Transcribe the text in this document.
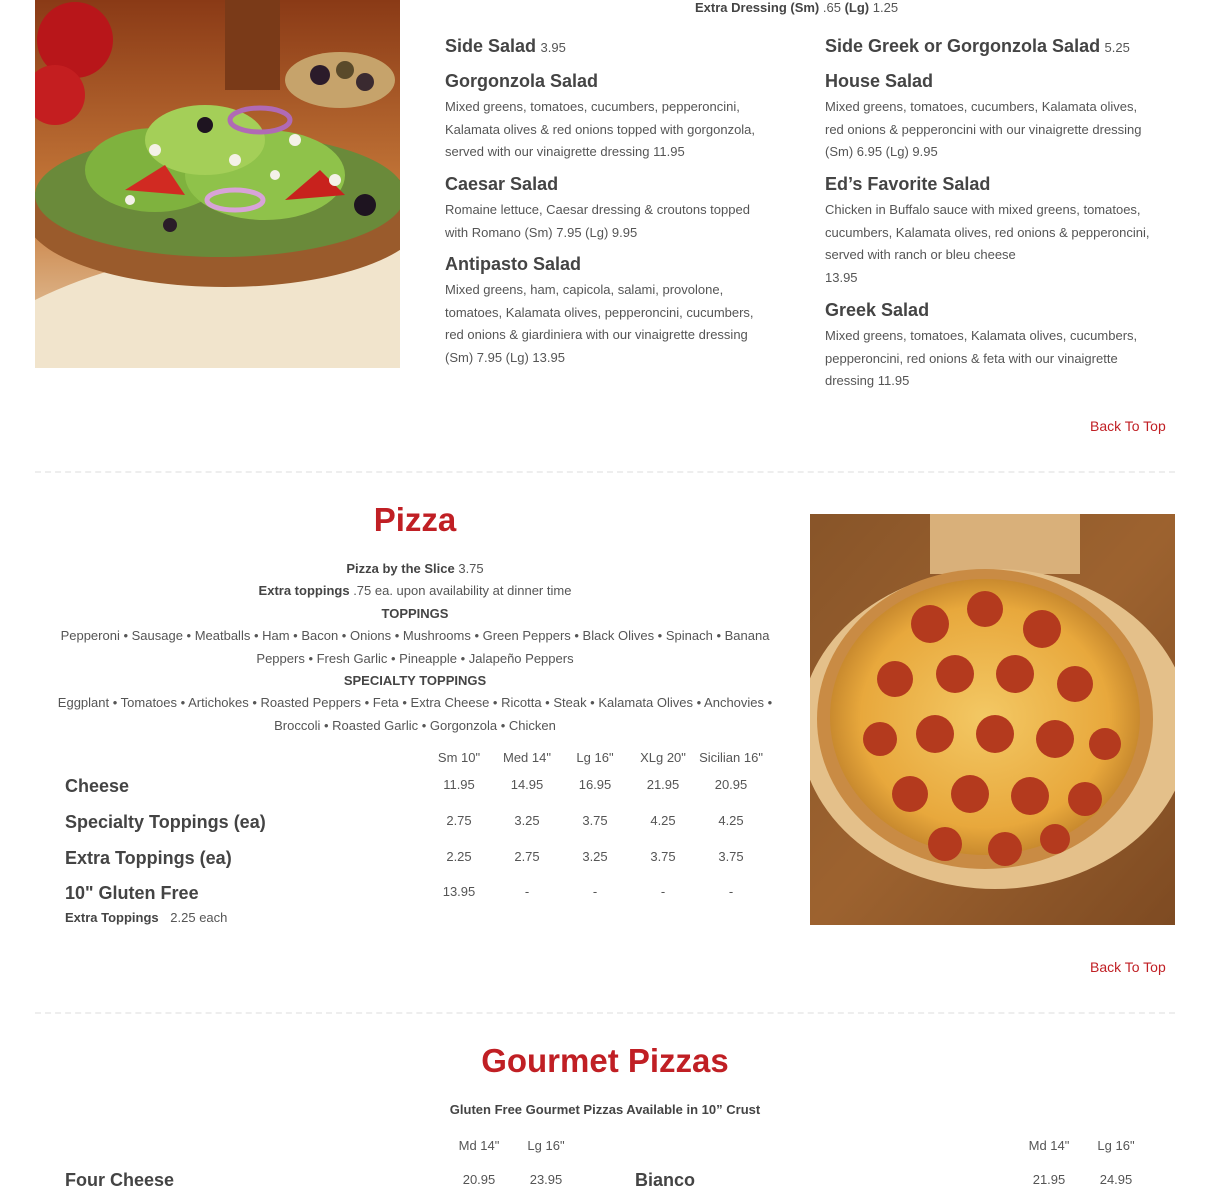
Extra Dressing (Sm) .65 (Lg) 1.25
Side Salad 3.95
Gorgonzola Salad
Mixed greens, tomatoes, cucumbers, pepperoncini, Kalamata olives & red onions topped with gorgonzola, served with our vinaigrette dressing 11.95
Caesar Salad
Romaine lettuce, Caesar dressing & croutons topped with Romano (Sm) 7.95 (Lg) 9.95
Antipasto Salad
Mixed greens, ham, capicola, salami, provolone, tomatoes, Kalamata olives, pepperoncini, cucumbers, red onions & giardiniera with our vinaigrette dressing (Sm) 7.95 (Lg) 13.95
Side Greek or Gorgonzola Salad 5.25
House Salad
Mixed greens, tomatoes, cucumbers, Kalamata olives, red onions & pepperoncini with our vinaigrette dressing (Sm) 6.95 (Lg) 9.95
Ed’s Favorite Salad
Chicken in Buffalo sauce with mixed greens, tomatoes, cucumbers, Kalamata olives, red onions & pepperoncini, served with ranch or bleu cheese
13.95
Greek Salad
Mixed greens, tomatoes, Kalamata olives, cucumbers, pepperoncini, red onions & feta with our vinaigrette dressing 11.95
Back To Top
Pizza
Pizza by the Slice 3.75
Extra toppings .75 ea. upon availability at dinner time
TOPPINGS
Pepperoni • Sausage • Meatballs • Ham • Bacon • Onions • Mushrooms • Green Peppers • Black Olives • Spinach • Banana Peppers • Fresh Garlic • Pineapple • Jalapeño Peppers
SPECIALTY TOPPINGS
Eggplant • Tomatoes • Artichokes • Roasted Peppers • Feta • Extra Cheese • Ricotta • Steak • Kalamata Olives • Anchovies • Broccoli • Roasted Garlic • Gorgonzola • Chicken
Sm 10"	Med 14"	Lg 16"	XLg 20"	Sicilian 16"
Cheese	11.95	14.95	16.95	21.95	20.95
Specialty Toppings (ea)	2.75	3.25	3.75	4.25	4.25
Extra Toppings (ea)	2.25	2.75	3.25	3.75	3.75
10" Gluten Free	13.95	-	-	-	-
Extra Toppings 2.25 each
Back To Top
Gourmet Pizzas
Gluten Free Gourmet Pizzas Available in 10” Crust
Md 14"	Lg 16"	Md 14"	Lg 16"
Four Cheese	20.95	23.95	Bianco	21.95	24.95
